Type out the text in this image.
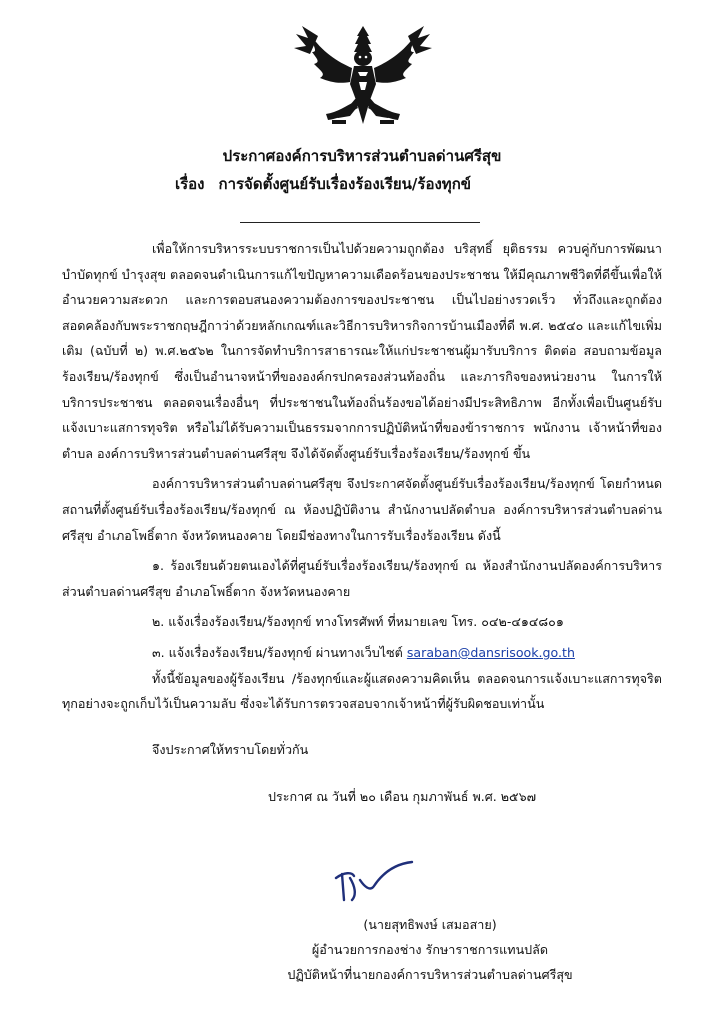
ประกาศองค์การบริหารส่วนตำบลด่านศรีสุข
เรื่อง การจัดตั้งศูนย์รับเรื่องร้องเรียน/ร้องทุกข์

เพื่อให้การบริหารระบบราชการเป็นไปด้วยความถูกต้อง บริสุทธิ์ ยุติธรรม ควบคู่กับการพัฒนา บำบัดทุกข์ บำรุงสุข ตลอดจนดำเนินการแก้ไขปัญหาความเดือดร้อนของประชาชน ให้มีคุณภาพชีวิตที่ดีขึ้นเพื่อให้อำนวยความสะดวก และการตอบสนองความต้องการของประชาชน เป็นไปอย่างรวดเร็ว ทั่วถึงและถูกต้องสอดคล้องกับพระราชกฤษฎีกาว่าด้วยหลักเกณฑ์และวิธีการบริหารกิจการบ้านเมืองที่ดี พ.ศ. ๒๕๔๐ และแก้ไขเพิ่มเติม (ฉบับที่ ๒) พ.ศ.๒๕๖๒ ในการจัดทำบริการสาธารณะให้แก่ประชาชนผู้มารับบริการ ติดต่อ สอบถามข้อมูล ร้องเรียน/ร้องทุกข์ ซึ่งเป็นอำนาจหน้าที่ขององค์กรปกครองส่วนท้องถิ่น และภารกิจของหน่วยงาน ในการให้บริการประชาชน ตลอดจนเรื่องอื่นๆ ที่ประชาชนในท้องถิ่นร้องขอได้อย่างมีประสิทธิภาพ อีกทั้งเพื่อเป็นศูนย์รับแจ้งเบาะแสการทุจริต หรือไม่ได้รับความเป็นธรรมจากการปฏิบัติหน้าที่ของข้าราชการ พนักงาน เจ้าหน้าที่ของตำบล องค์การบริหารส่วนตำบลด่านศรีสุข จึงได้จัดตั้งศูนย์รับเรื่องร้องเรียน/ร้องทุกข์ ขึ้น

องค์การบริหารส่วนตำบลด่านศรีสุข จึงประกาศจัดตั้งศูนย์รับเรื่องร้องเรียน/ร้องทุกข์ โดยกำหนดสถานที่ตั้งศูนย์รับเรื่องร้องเรียน/ร้องทุกข์ ณ ห้องปฏิบัติงาน สำนักงานปลัดตำบล องค์การบริหารส่วนตำบลด่านศรีสุข อำเภอโพธิ์ตาก จังหวัดหนองคาย โดยมีช่องทางในการรับเรื่องร้องเรียน ดังนี้

๑. ร้องเรียนด้วยตนเองได้ที่ศูนย์รับเรื่องร้องเรียน/ร้องทุกข์ ณ ห้องสำนักงานปลัดองค์การบริหารส่วนตำบลด่านศรีสุข อำเภอโพธิ์ตาก จังหวัดหนองคาย

๒. แจ้งเรื่องร้องเรียน/ร้องทุกข์ ทางโทรศัพท์ ที่หมายเลข โทร. ๐๔๒-๔๑๔๘๐๑

๓. แจ้งเรื่องร้องเรียน/ร้องทุกข์ ผ่านทางเว็บไซต์ saraban@dansrisook.go.th

ทั้งนี้ข้อมูลของผู้ร้องเรียน /ร้องทุกข์และผู้แสดงความคิดเห็น ตลอดจนการแจ้งเบาะแสการทุจริตทุกอย่างจะถูกเก็บไว้เป็นความลับ ซึ่งจะได้รับการตรวจสอบจากเจ้าหน้าที่ผู้รับผิดชอบเท่านั้น

จึงประกาศให้ทราบโดยทั่วกัน

ประกาศ ณ วันที่ ๒๐ เดือน กุมภาพันธ์ พ.ศ. ๒๕๖๗
(นายสุทธิพงษ์ เสมอสาย)
ผู้อำนวยการกองช่าง รักษาราชการแทนปลัด
ปฏิบัติหน้าที่นายกองค์การบริหารส่วนตำบลด่านศรีสุข
